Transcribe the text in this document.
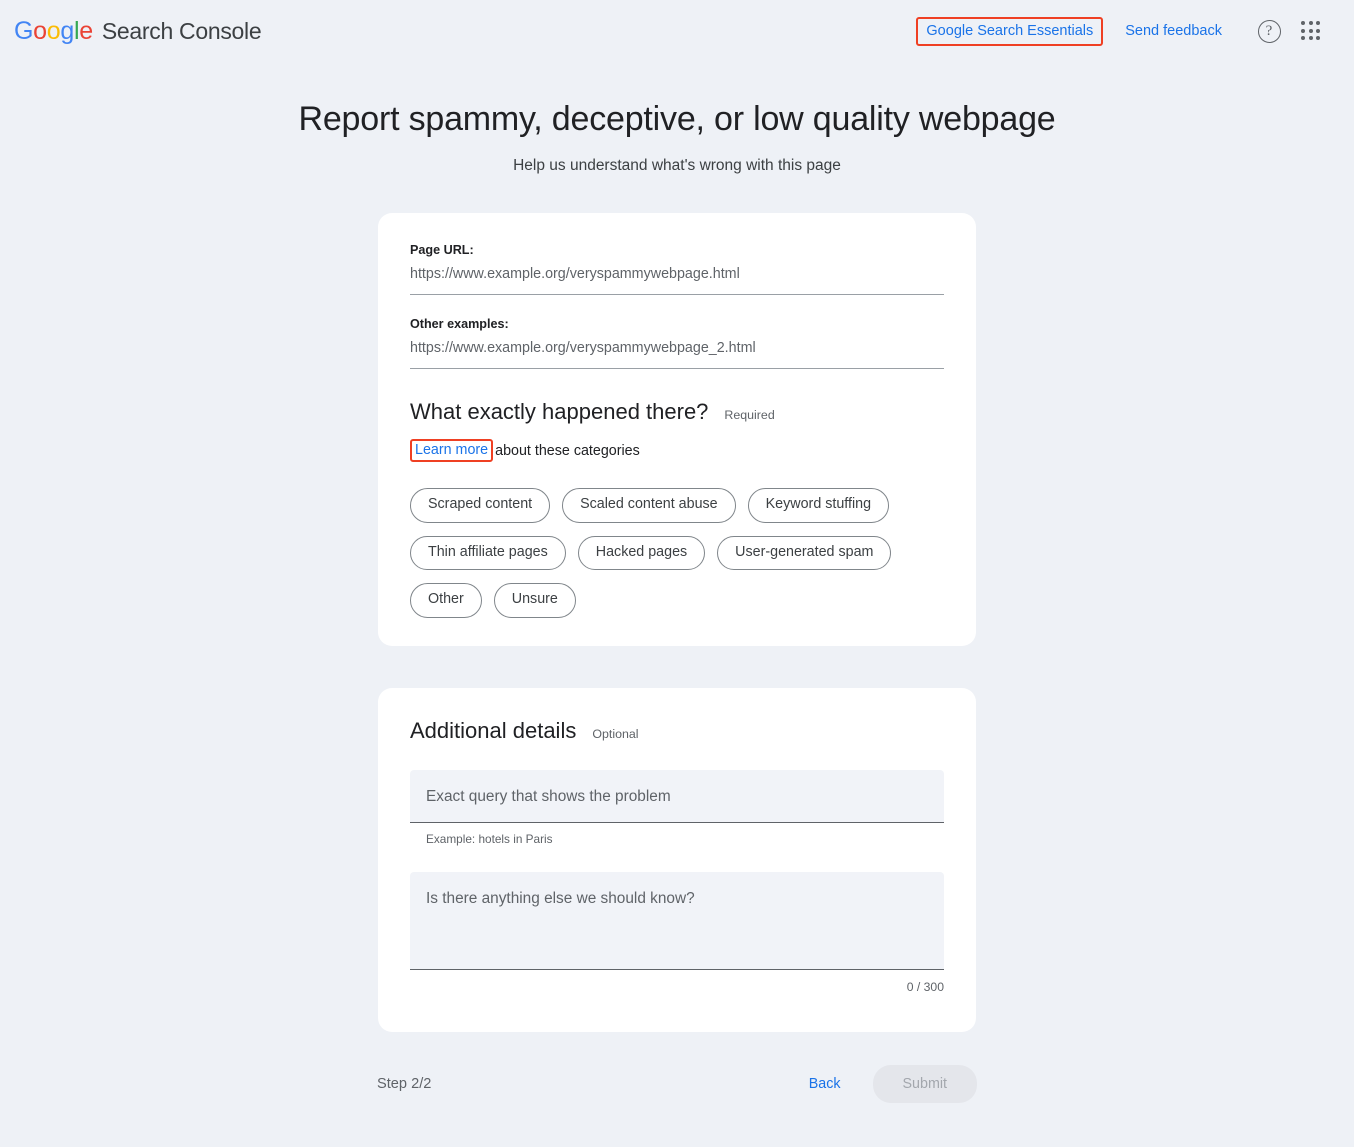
Google Search Console	Google Search Essentials	Send feedback	?
Report spammy, deceptive, or low quality webpage
Help us understand what's wrong with this page
Page URL:
https://www.example.org/veryspammywebpage.html
Other examples:
https://www.example.org/veryspammywebpage_2.html
What exactly happened there? Required
Learn more about these categories
Scraped content	Scaled content abuse	Keyword stuffing
Thin affiliate pages	Hacked pages	User-generated spam
Other	Unsure
Additional details Optional
Exact query that shows the problem
Example: hotels in Paris
Is there anything else we should know?
0 / 300
Step 2/2	Back	Submit
